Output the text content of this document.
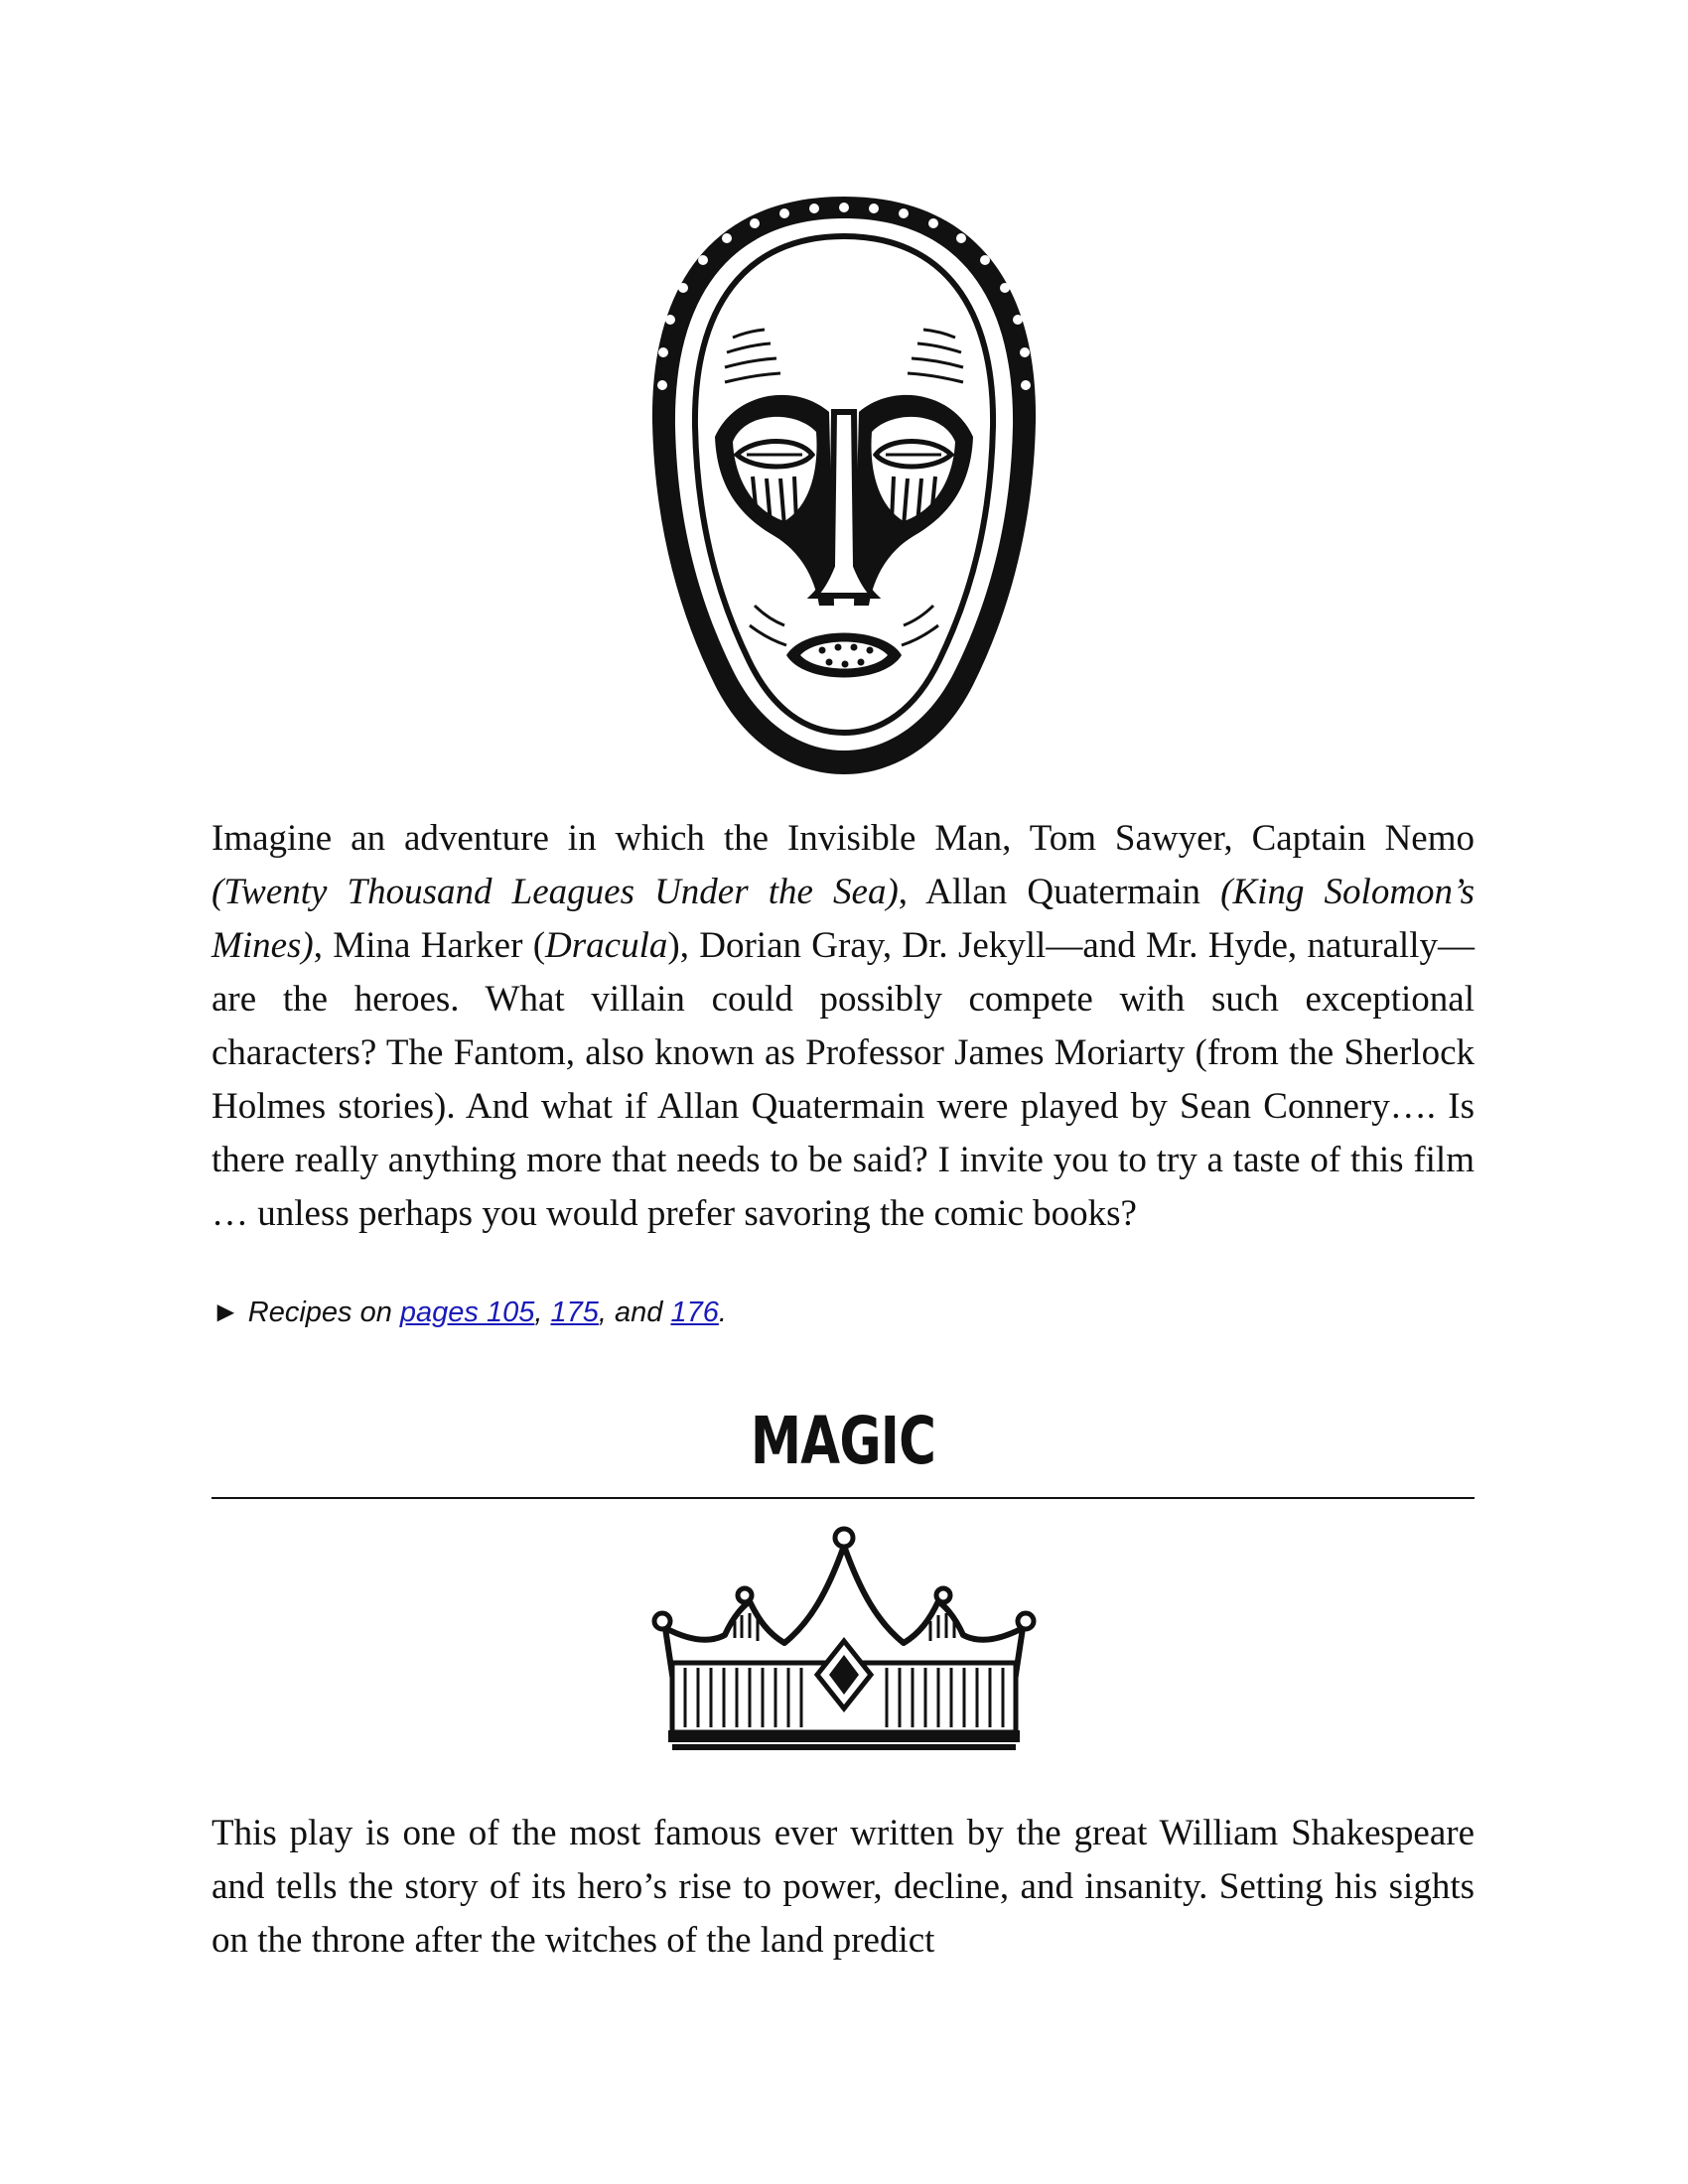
Imagine an adventure in which the Invisible Man, Tom Sawyer, Captain Nemo (Twenty Thousand Leagues Under the Sea), Allan Quatermain (King Solomon’s Mines), Mina Harker (Dracula), Dorian Gray, Dr. Jekyll—and Mr. Hyde, naturally—are the heroes. What villain could possibly compete with such exceptional characters? The Fantom, also known as Professor James Moriarty (from the Sherlock Holmes stories). And what if Allan Quatermain were played by Sean Connery…. Is there really anything more that needs to be said? I invite you to try a taste of this film … unless perhaps you would prefer savoring the comic books?

► Recipes on pages 105, 175, and 176.
MAGIC

This play is one of the most famous ever written by the great William Shakespeare and tells the story of its hero’s rise to power, decline, and insanity. Setting his sights on the throne after the witches of the land predict
